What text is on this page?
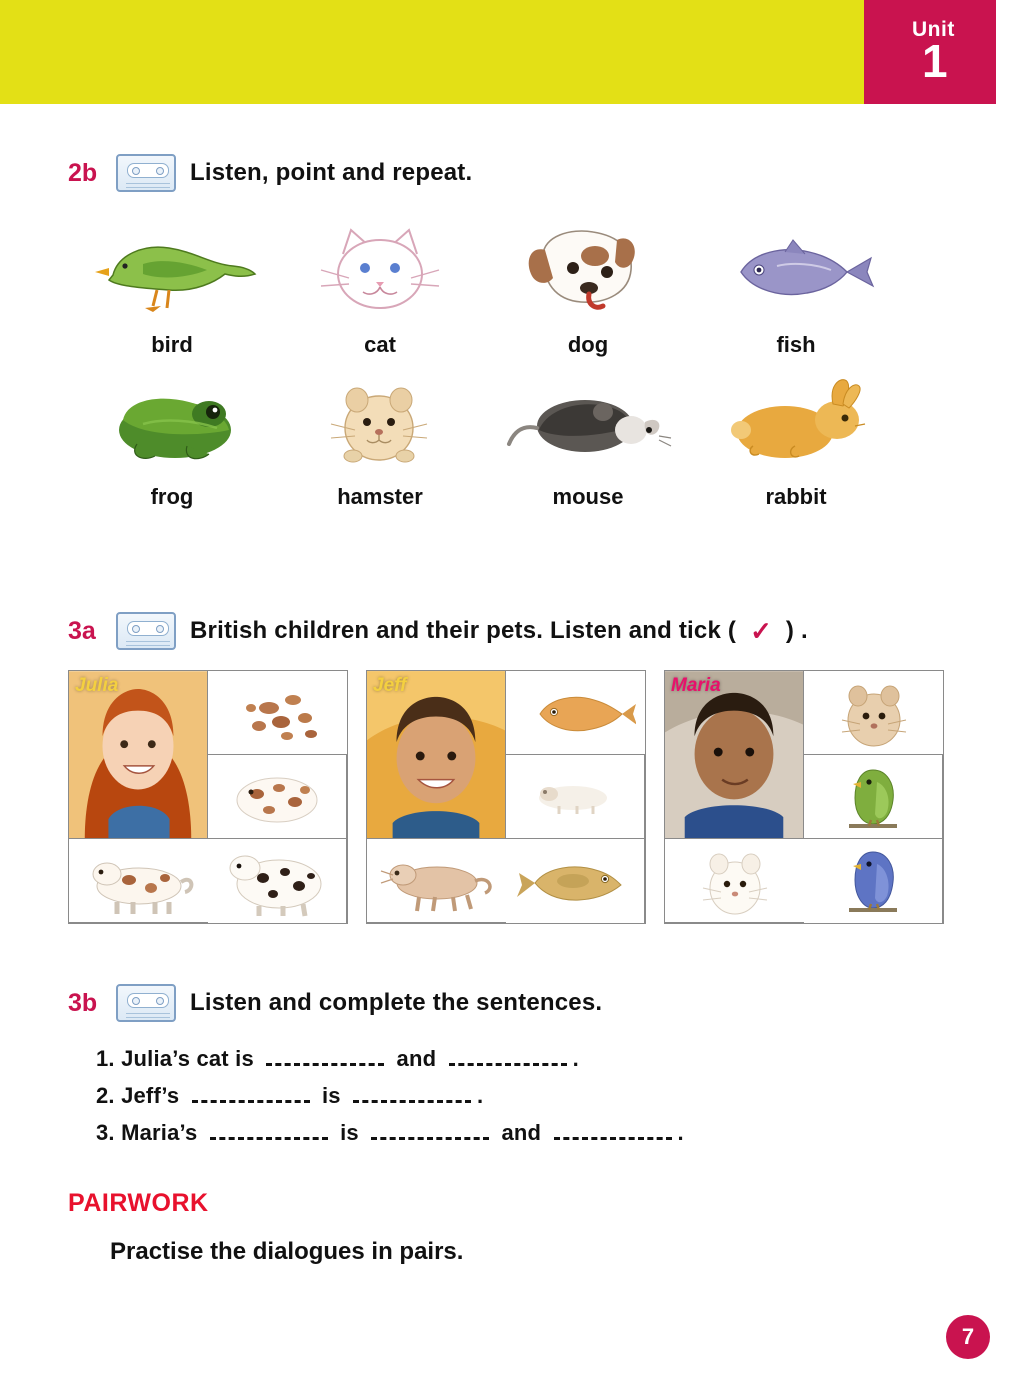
Unit
1
2b	Listen, point and repeat.
bird	cat	dog	fish
frog	hamster	mouse	rabbit
3a	British children and their pets. Listen and tick ( ✓ ) .
Julia	Jeff	Maria
3b	Listen and complete the sentences.
1. Julia’s cat is	and	.
2. Jeff’s	is	.
3. Maria’s	is	and	.
PAIRWORK
Practise the dialogues in pairs.
7
